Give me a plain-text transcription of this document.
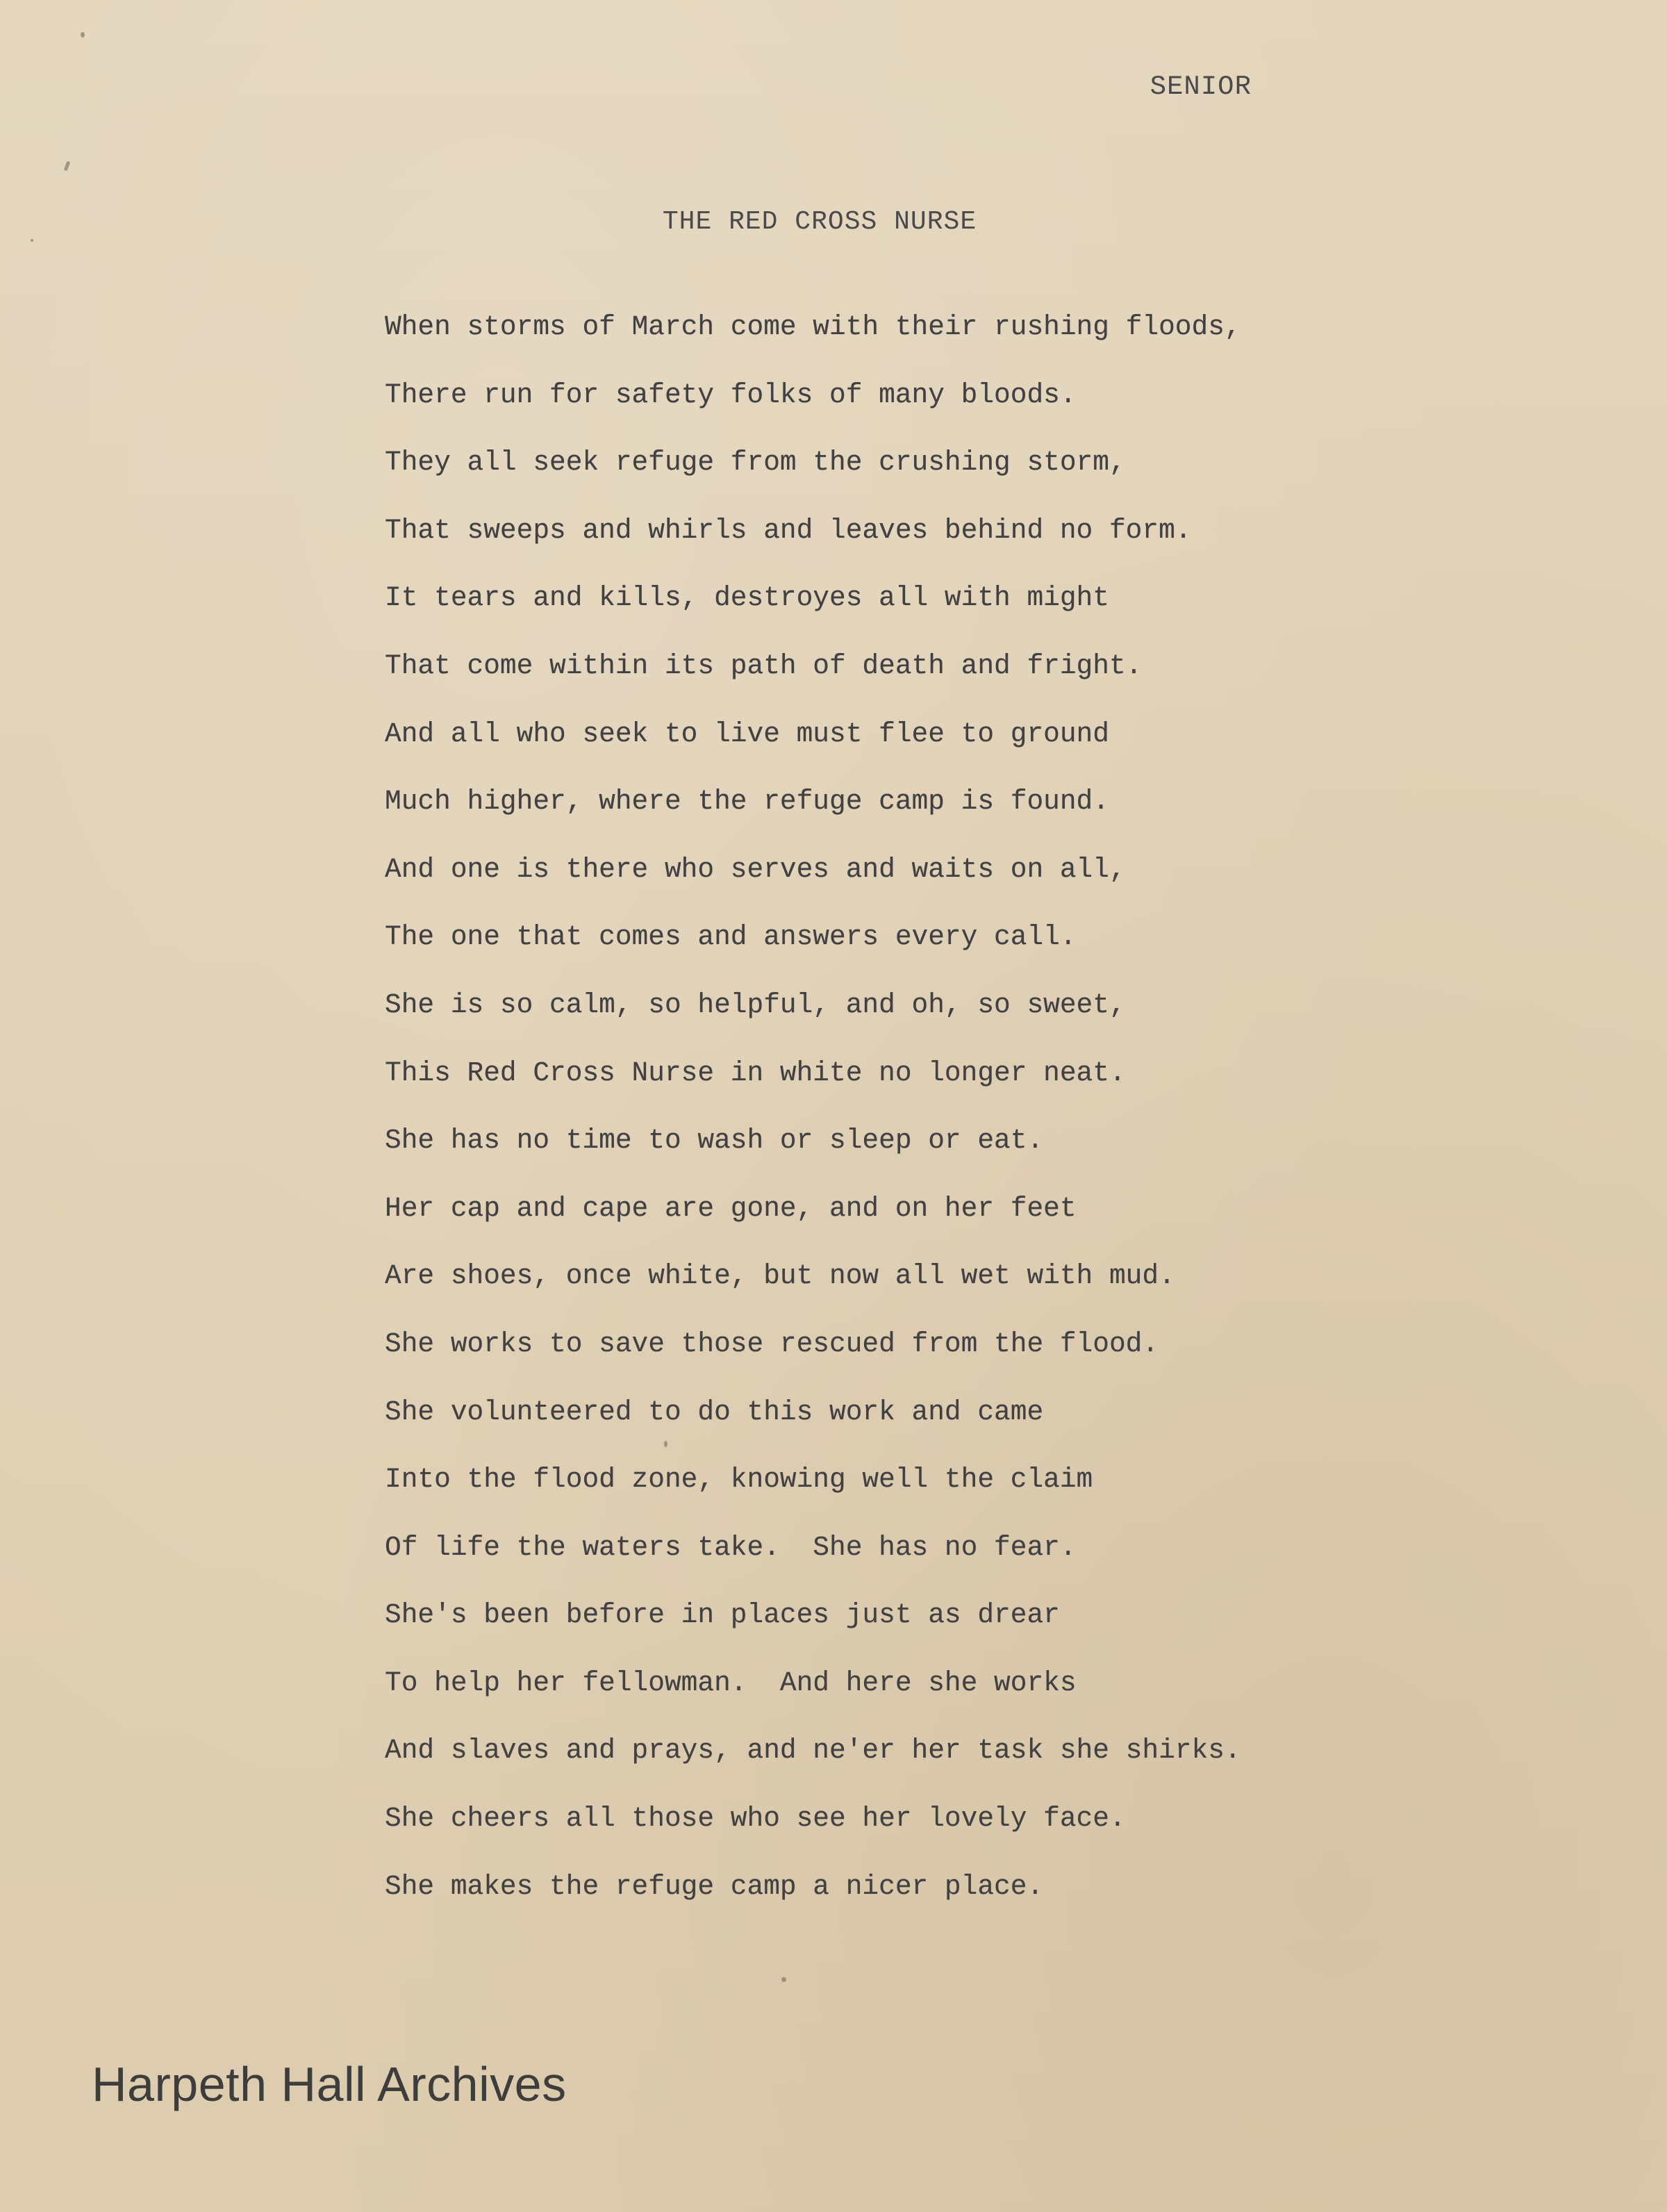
SENIOR
THE RED CROSS NURSE
When storms of March come with their rushing floods,
There run for safety folks of many bloods.
They all seek refuge from the crushing storm,
That sweeps and whirls and leaves behind no form.
It tears and kills, destroyes all with might
That come within its path of death and fright.
And all who seek to live must flee to ground
Much higher, where the refuge camp is found.
And one is there who serves and waits on all,
The one that comes and answers every call.
She is so calm, so helpful, and oh, so sweet,
This Red Cross Nurse in white no longer neat.
She has no time to wash or sleep or eat.
Her cap and cape are gone, and on her feet
Are shoes, once white, but now all wet with mud.
She works to save those rescued from the flood.
She volunteered to do this work and came
Into the flood zone, knowing well the claim
Of life the waters take.  She has no fear.
She's been before in places just as drear
To help her fellowman.  And here she works
And slaves and prays, and ne'er her task she shirks.
She cheers all those who see her lovely face.
She makes the refuge camp a nicer place.
Harpeth Hall Archives
